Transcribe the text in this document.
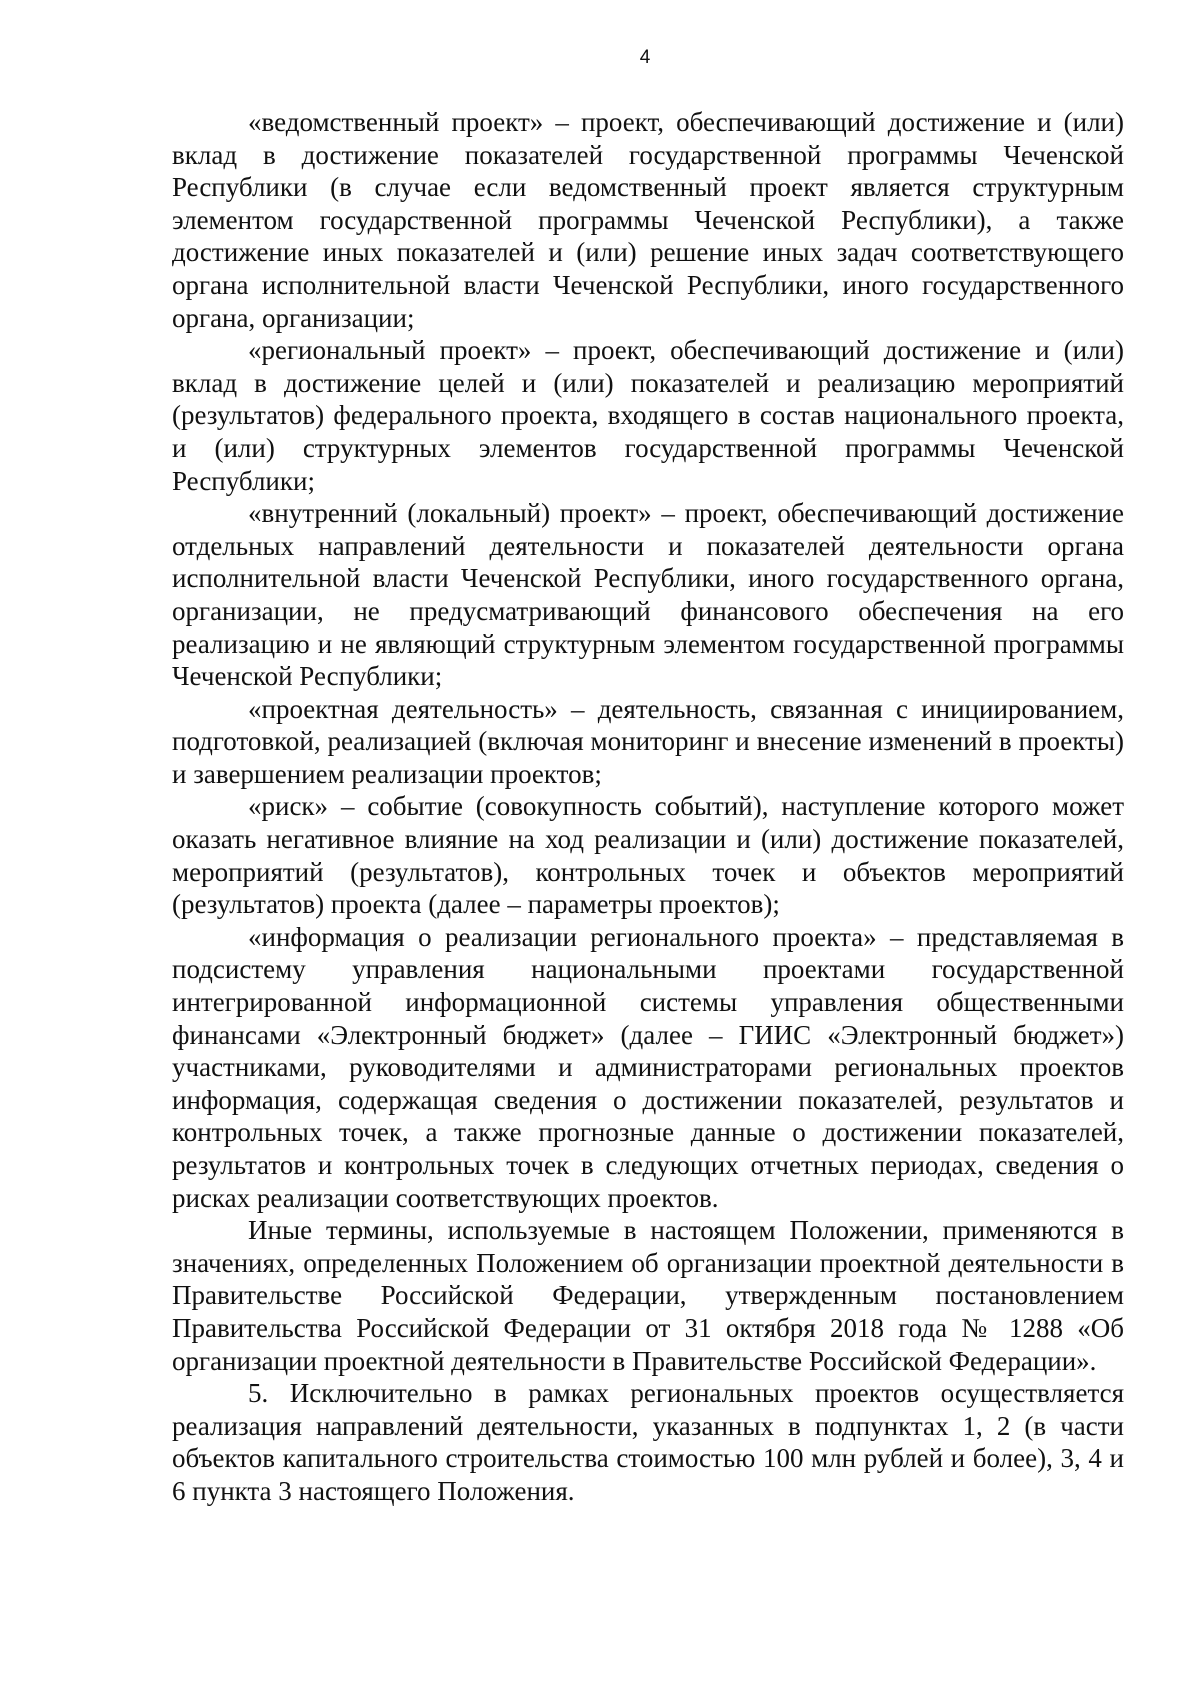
4

«ведомственный проект» – проект, обеспечивающий достижение и (или) вклад в достижение показателей государственной программы Чеченской Республики (в случае если ведомственный проект является структурным элементом государственной программы Чеченской Республики), а также достижение иных показателей и (или) решение иных задач соответствующего органа исполнительной власти Чеченской Республики, иного государственного органа, организации;

«региональный проект» – проект, обеспечивающий достижение и (или) вклад в достижение целей и (или) показателей и реализацию мероприятий (результатов) федерального проекта, входящего в состав национального проекта, и (или) структурных элементов государственной программы Чеченской Республики;

«внутренний (локальный) проект» – проект, обеспечивающий достижение отдельных направлений деятельности и показателей деятельности органа исполнительной власти Чеченской Республики, иного государственного органа, организации, не предусматривающий финансового обеспечения на его реализацию и не являющий структурным элементом государственной программы Чеченской Республики;

«проектная деятельность» – деятельность, связанная с инициированием, подготовкой, реализацией (включая мониторинг и внесение изменений в проекты) и завершением реализации проектов;

«риск» – событие (совокупность событий), наступление которого может оказать негативное влияние на ход реализации и (или) достижение показателей, мероприятий (результатов), контрольных точек и объектов мероприятий (результатов) проекта (далее – параметры проектов);

«информация о реализации регионального проекта» – представляемая в подсистему управления национальными проектами государственной интегрированной информационной системы управления общественными финансами «Электронный бюджет» (далее – ГИИС «Электронный бюджет») участниками, руководителями и администраторами региональных проектов информация, содержащая сведения о достижении показателей, результатов и контрольных точек, а также прогнозные данные о достижении показателей, результатов и контрольных точек в следующих отчетных периодах, сведения о рисках реализации соответствующих проектов.

Иные термины, используемые в настоящем Положении, применяются в значениях, определенных Положением об организации проектной деятельности в Правительстве Российской Федерации, утвержденным постановлением Правительства Российской Федерации от 31 октября 2018 года № 1288 «Об организации проектной деятельности в Правительстве Российской Федерации».

5. Исключительно в рамках региональных проектов осуществляется реализация направлений деятельности, указанных в подпунктах 1, 2 (в части объектов капитального строительства стоимостью 100 млн рублей и более), 3, 4 и 6 пункта 3 настоящего Положения.
